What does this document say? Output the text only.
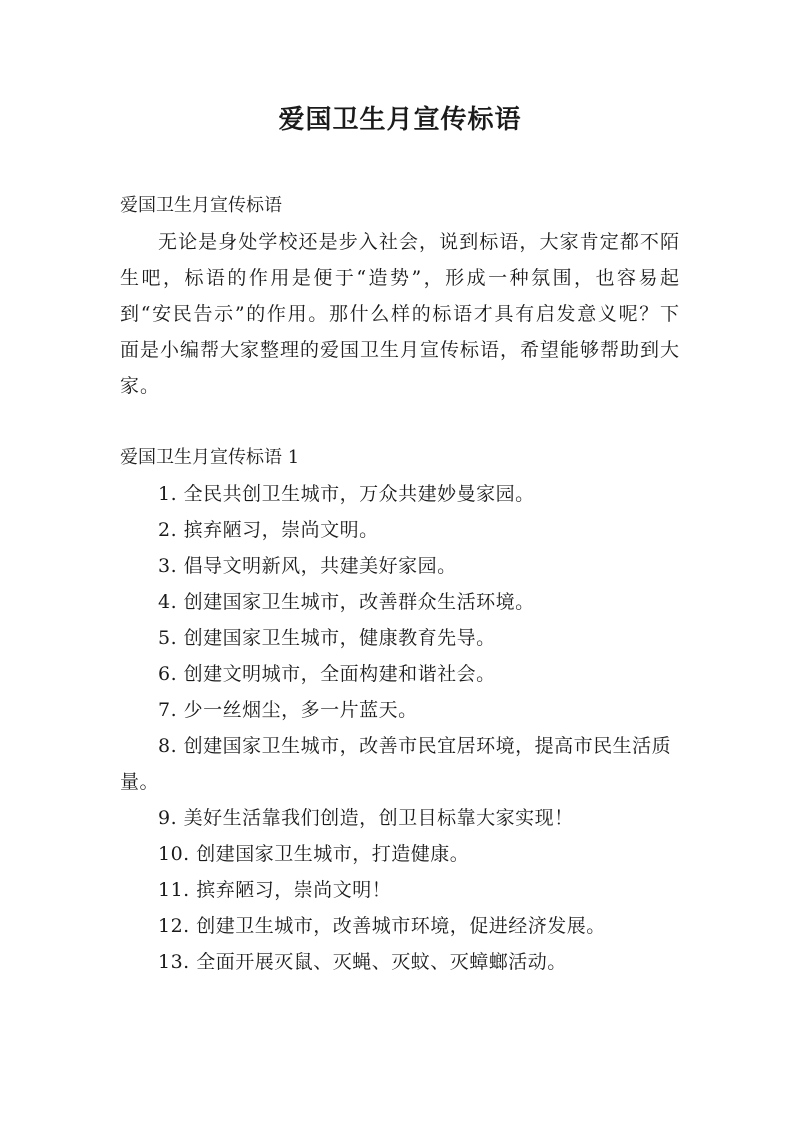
爱国卫生月宣传标语
爱国卫生月宣传标语

无论是身处学校还是步入社会，说到标语，大家肯定都不陌生吧，标语的作用是便于“造势”，形成一种氛围，也容易起到“安民告示”的作用。那什么样的标语才具有启发意义呢？下面是小编帮大家整理的爱国卫生月宣传标语，希望能够帮助到大家。

爱国卫生月宣传标语 1
1. 全民共创卫生城市，万众共建妙曼家园。
2. 摈弃陋习，崇尚文明。
3. 倡导文明新风，共建美好家园。
4. 创建国家卫生城市，改善群众生活环境。
5. 创建国家卫生城市，健康教育先导。
6. 创建文明城市，全面构建和谐社会。
7. 少一丝烟尘，多一片蓝天。
8. 创建国家卫生城市，改善市民宜居环境，提高市民生活质量。
9. 美好生活靠我们创造，创卫目标靠大家实现！
10. 创建国家卫生城市，打造健康。
11. 摈弃陋习，崇尚文明！
12. 创建卫生城市，改善城市环境，促进经济发展。
13. 全面开展灭鼠、灭蝇、灭蚊、灭蟑螂活动。
